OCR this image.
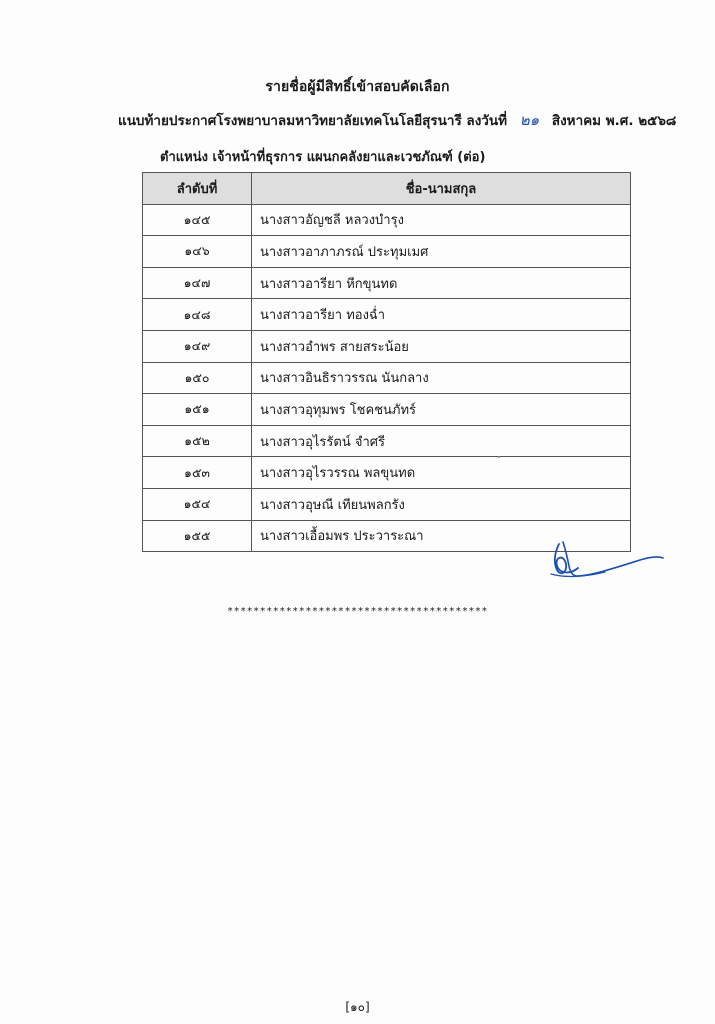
รายชื่อผู้มีสิทธิ์เข้าสอบคัดเลือก
แนบท้ายประกาศโรงพยาบาลมหาวิทยาลัยเทคโนโลยีสุรนารี ลงวันที่ ๒๑ สิงหาคม พ.ศ. ๒๕๖๘
ตำแหน่ง เจ้าหน้าที่ธุรการ แผนกคลังยาและเวชภัณฑ์ (ต่อ)
ลำดับที่	ชื่อ-นามสกุล
๑๔๕	นางสาวอัญชลี หลวงบำรุง
๑๔๖	นางสาวอาภาภรณ์ ประทุมเมศ
๑๔๗	นางสาวอารียา หีกขุนทด
๑๔๘	นางสาวอารียา ทองฉ่ำ
๑๔๙	นางสาวอำพร สายสระน้อย
๑๕๐	นางสาวอินธิราวรรณ นันกลาง
๑๕๑	นางสาวอุทุมพร โชคชนภัทร์
๑๕๒	นางสาวอุไรรัตน์ จำศรี
๑๕๓	นางสาวอุไรวรรณ พลขุนทด
๑๕๔	นางสาวอุษณี เทียนพลกรัง
๑๕๕	นางสาวเอื้อมพร ประวาระณา
****************************************
[๑๐]
